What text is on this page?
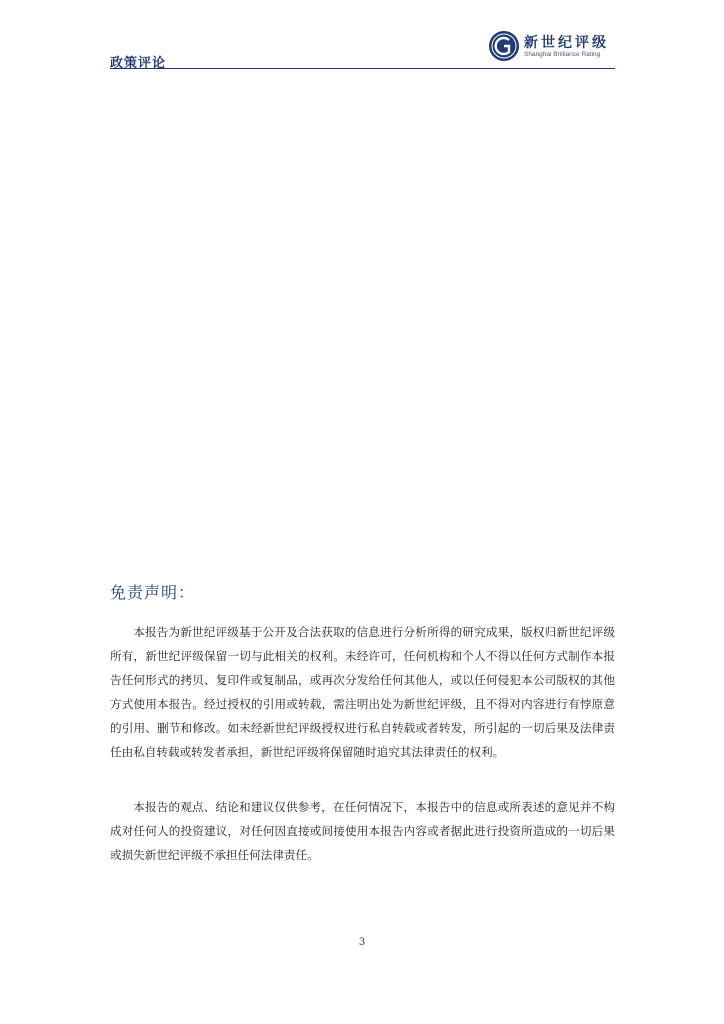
政策评论
新世纪评级
Shanghai Brilliance Rating
免责声明：

本报告为新世纪评级基于公开及合法获取的信息进行分析所得的研究成果，版权归新世纪评级所有，新世纪评级保留一切与此相关的权利。未经许可，任何机构和个人不得以任何方式制作本报告任何形式的拷贝、复印件或复制品，或再次分发给任何其他人，或以任何侵犯本公司版权的其他方式使用本报告。经过授权的引用或转载，需注明出处为新世纪评级，且不得对内容进行有悖原意的引用、删节和修改。如未经新世纪评级授权进行私自转载或者转发，所引起的一切后果及法律责任由私自转载或转发者承担，新世纪评级将保留随时追究其法律责任的权利。

本报告的观点、结论和建议仅供参考，在任何情况下，本报告中的信息或所表述的意见并不构成对任何人的投资建议，对任何因直接或间接使用本报告内容或者据此进行投资所造成的一切后果或损失新世纪评级不承担任何法律责任。

3
